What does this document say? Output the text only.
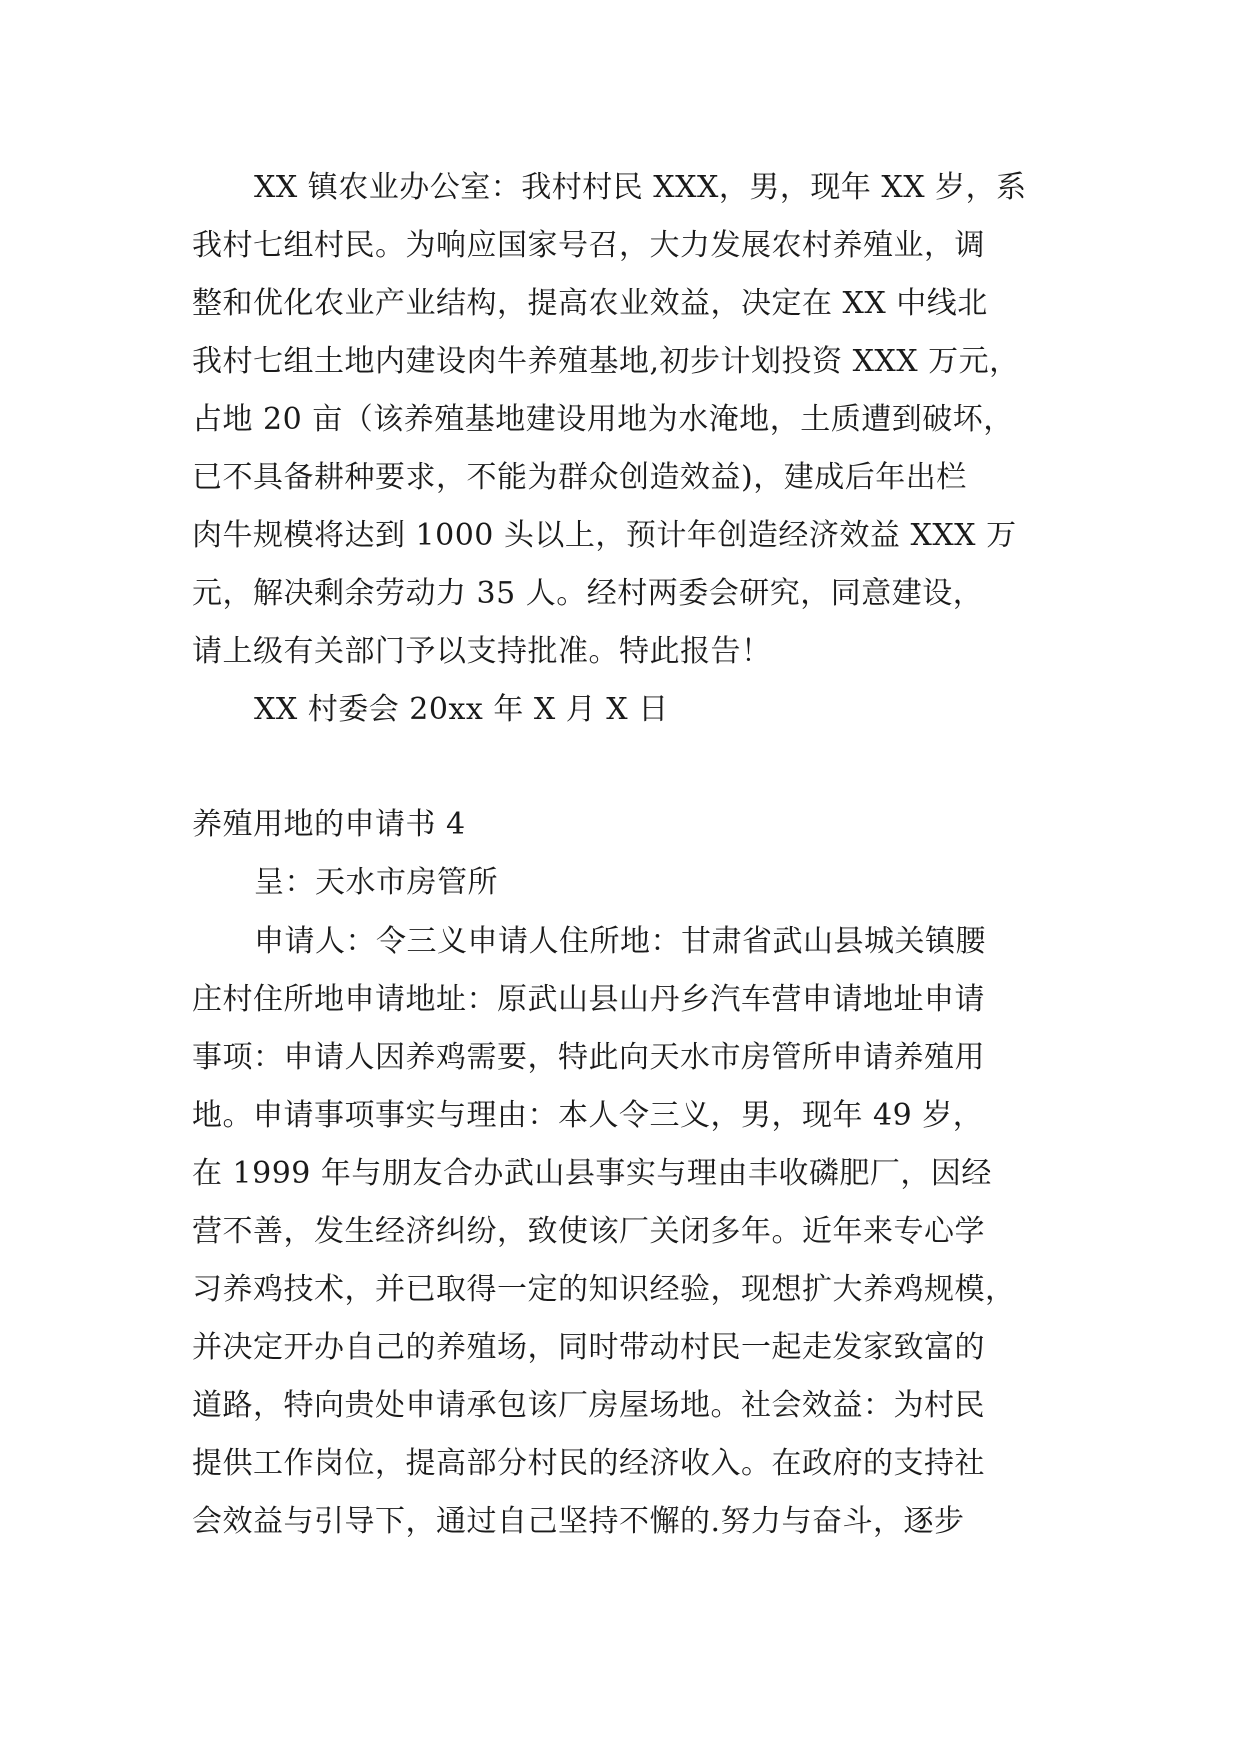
XX 镇农业办公室：我村村民 XXX，男，现年 XX 岁，系
我村七组村民。为响应国家号召，大力发展农村养殖业，调
整和优化农业产业结构，提高农业效益，决定在 XX 中线北
我村七组土地内建设肉牛养殖基地,初步计划投资 XXX 万元，
占地 20 亩（该养殖基地建设用地为水淹地，土质遭到破坏，
已不具备耕种要求，不能为群众创造效益)，建成后年出栏
肉牛规模将达到 1000 头以上，预计年创造经济效益 XXX 万
元，解决剩余劳动力 35 人。经村两委会研究，同意建设，
请上级有关部门予以支持批准。特此报告！
XX 村委会 20xx 年 X 月 X 日
养殖用地的申请书 4
呈：天水市房管所
申请人：令三义申请人住所地：甘肃省武山县城关镇腰
庄村住所地申请地址：原武山县山丹乡汽车营申请地址申请
事项：申请人因养鸡需要，特此向天水市房管所申请养殖用
地。申请事项事实与理由：本人令三义，男，现年 49 岁，
在 1999 年与朋友合办武山县事实与理由丰收磷肥厂，因经
营不善，发生经济纠纷，致使该厂关闭多年。近年来专心学
习养鸡技术，并已取得一定的知识经验，现想扩大养鸡规模，
并决定开办自己的养殖场，同时带动村民一起走发家致富的
道路，特向贵处申请承包该厂房屋场地。社会效益：为村民
提供工作岗位，提高部分村民的经济收入。在政府的支持社
会效益与引导下，通过自己坚持不懈的.努力与奋斗，逐步
